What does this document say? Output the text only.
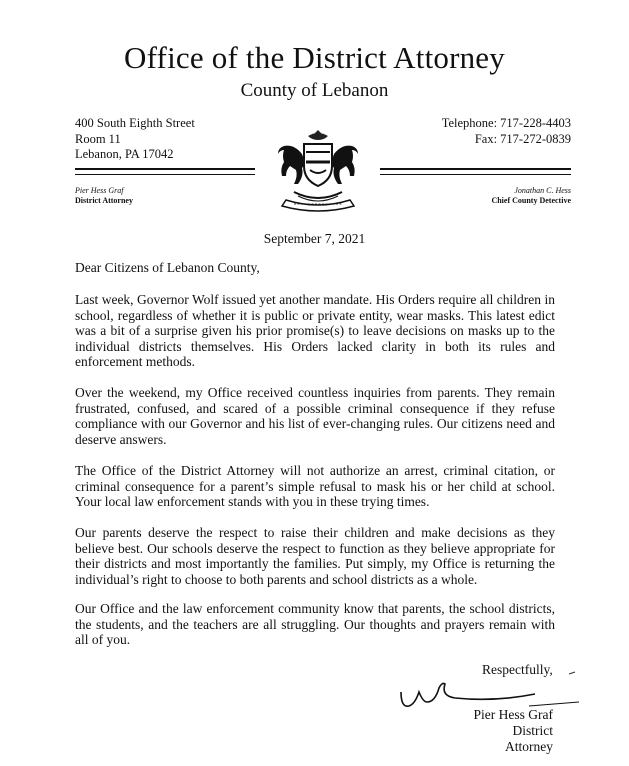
Office of the District Attorney
County of Lebanon
400 South Eighth Street
Room 11
Lebanon, PA 17042
Telephone: 717-228-4403
Fax: 717-272-0839
Pier Hess Graf
District Attorney
Jonathan C. Hess
Chief County Detective
September 7, 2021
Dear Citizens of Lebanon County,
Last week, Governor Wolf issued yet another mandate. His Orders require all children in school, regardless of whether it is public or private entity, wear masks. This latest edict was a bit of a surprise given his prior promise(s) to leave decisions on masks up to the individual districts themselves. His Orders lacked clarity in both its rules and enforcement methods.
Over the weekend, my Office received countless inquiries from parents. They remain frustrated, confused, and scared of a possible criminal consequence if they refuse compliance with our Governor and his list of ever-changing rules. Our citizens need and deserve answers.
The Office of the District Attorney will not authorize an arrest, criminal citation, or criminal consequence for a parent’s simple refusal to mask his or her child at school. Your local law enforcement stands with you in these trying times.
Our parents deserve the respect to raise their children and make decisions as they believe best. Our schools deserve the respect to function as they believe appropriate for their districts and most importantly the families. Put simply, my Office is returning the individual’s right to choose to both parents and school districts as a whole.
Our Office and the law enforcement community know that parents, the school districts, the students, and the teachers are all struggling. Our thoughts and prayers remain with all of you.
Respectfully,
Pier Hess Graf
District Attorney
